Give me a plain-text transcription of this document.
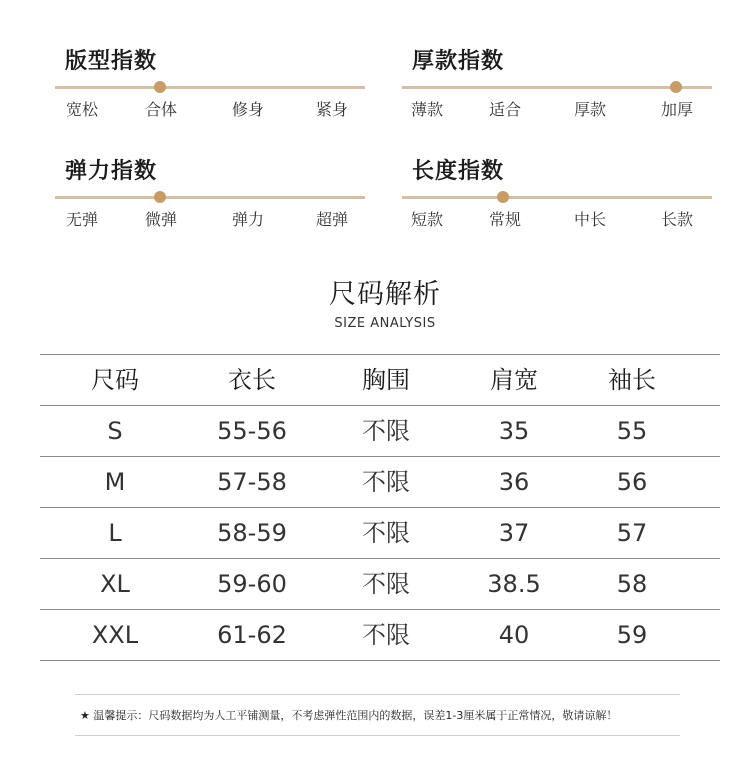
版型指数
宽松	合体	修身	紧身
厚款指数
薄款	适合	厚款	加厚
弹力指数
无弹	微弹	弹力	超弹
长度指数
短款	常规	中长	长款
尺码解析
SIZE ANALYSIS
尺码	衣长	胸围	肩宽	袖长
S	55-56	不限	35	55
M	57-58	不限	36	56
L	58-59	不限	37	57
XL	59-60	不限	38.5	58
XXL	61-62	不限	40	59
★ 温馨提示：尺码数据均为人工平铺测量，不考虑弹性范围内的数据，误差1-3厘米属于正常情况，敬请谅解！
